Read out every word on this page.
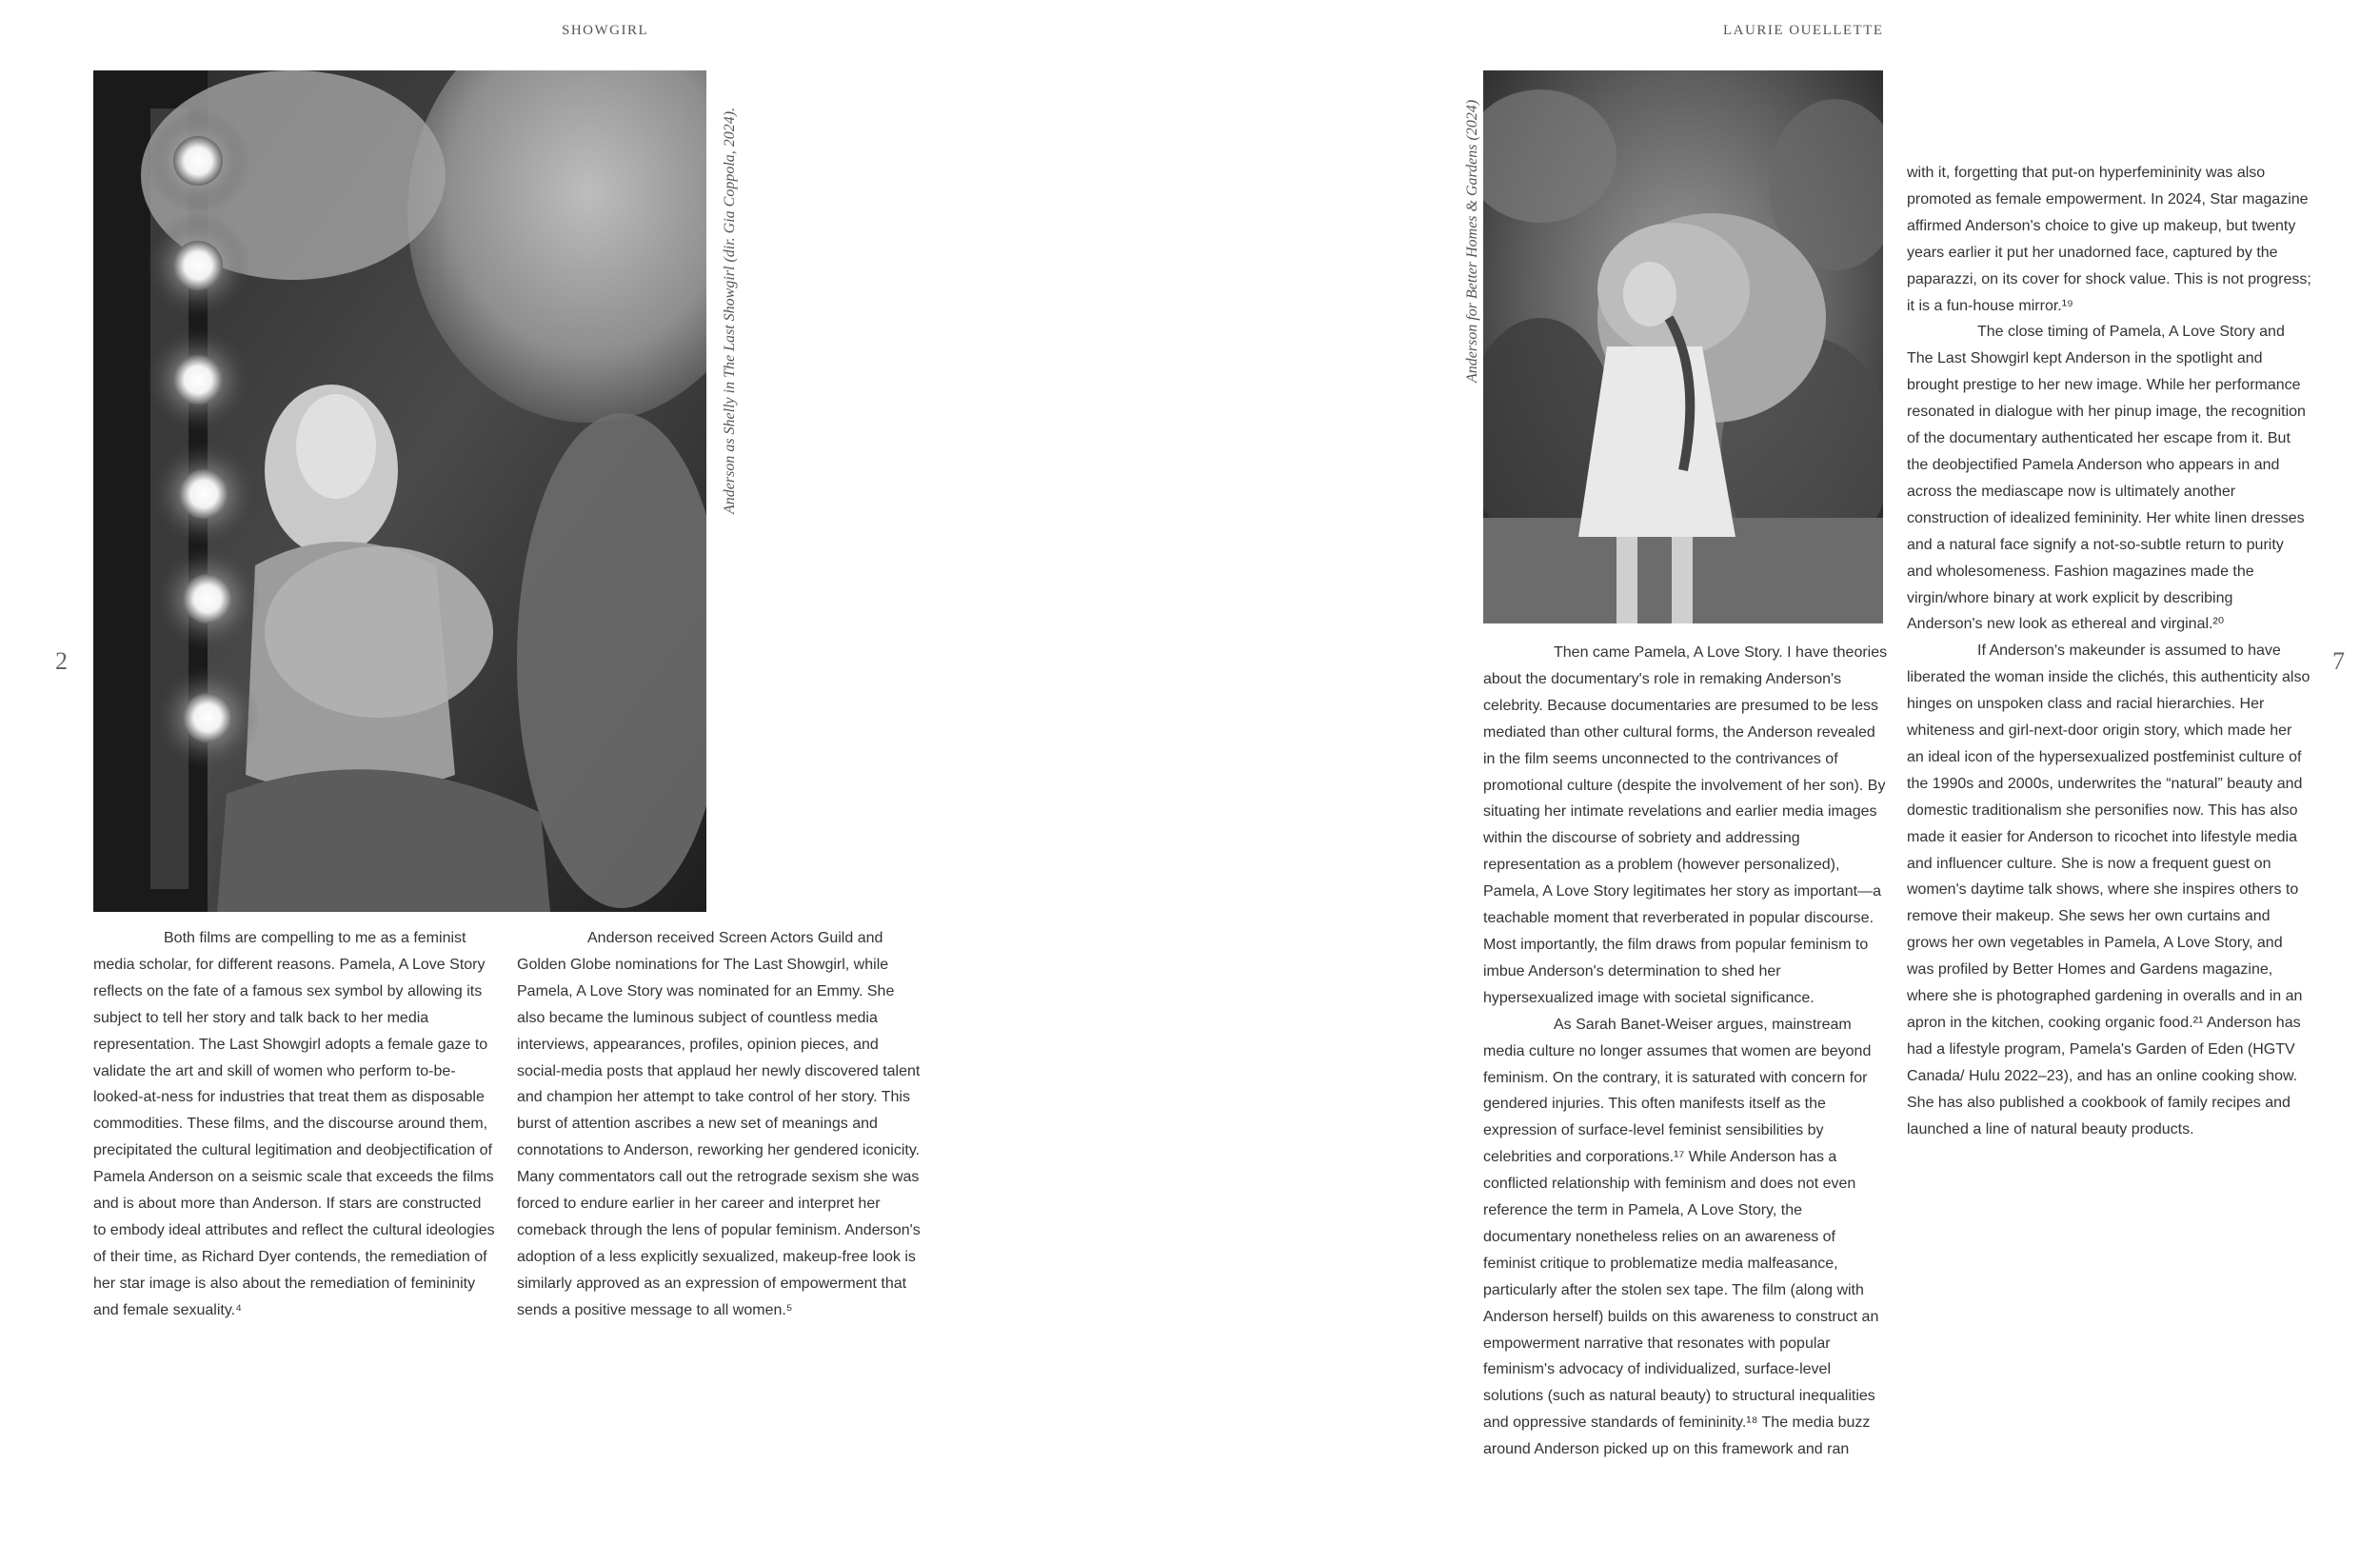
SHOWGIRL
2
Anderson as Shelly in The Last Showgirl (dir. Gia Coppola, 2024).

Both films are compelling to me as a feminist media scholar, for different reasons. Pamela, A Love Story reflects on the fate of a famous sex symbol by allowing its subject to tell her story and talk back to her media representation. The Last Showgirl adopts a female gaze to validate the art and skill of women who perform to-be-looked-at-ness for industries that treat them as disposable commodities. These films, and the discourse around them, precipitated the cultural legitimation and deobjectification of Pamela Anderson on a seismic scale that exceeds the films and is about more than Anderson. If stars are constructed to embody ideal attributes and reflect the cultural ideologies of their time, as Richard Dyer contends, the remediation of her star image is also about the remediation of femininity and female sexuality.⁴

Anderson received Screen Actors Guild and Golden Globe nominations for The Last Showgirl, while Pamela, A Love Story was nominated for an Emmy. She also became the luminous subject of countless media interviews, appearances, profiles, opinion pieces, and social-media posts that applaud her newly discovered talent and champion her attempt to take control of her story. This burst of attention ascribes a new set of meanings and connotations to Anderson, reworking her gendered iconicity. Many commentators call out the retrograde sexism she was forced to endure earlier in her career and interpret her comeback through the lens of popular feminism. Anderson's adoption of a less explicitly sexualized, makeup-free look is similarly approved as an expression of empowerment that sends a positive message to all women.⁵

LAURIE OUELLETTE
7
Anderson for Better Homes & Gardens (2024)

Then came Pamela, A Love Story. I have theories about the documentary's role in remaking Anderson's celebrity. Because documentaries are presumed to be less mediated than other cultural forms, the Anderson revealed in the film seems unconnected to the contrivances of promotional culture (despite the involvement of her son). By situating her intimate revelations and earlier media images within the discourse of sobriety and addressing representation as a problem (however personalized), Pamela, A Love Story legitimates her story as important—a teachable moment that reverberated in popular discourse. Most importantly, the film draws from popular feminism to imbue Anderson's determination to shed her hypersexualized image with societal significance.

As Sarah Banet-Weiser argues, mainstream media culture no longer assumes that women are beyond feminism. On the contrary, it is saturated with concern for gendered injuries. This often manifests itself as the expression of surface-level feminist sensibilities by celebrities and corporations.¹⁷ While Anderson has a conflicted relationship with feminism and does not even reference the term in Pamela, A Love Story, the documentary nonetheless relies on an awareness of feminist critique to problematize media malfeasance, particularly after the stolen sex tape. The film (along with Anderson herself) builds on this awareness to construct an empowerment narrative that resonates with popular feminism's advocacy of individualized, surface-level solutions (such as natural beauty) to structural inequalities and oppressive standards of femininity.¹⁸ The media buzz around Anderson picked up on this framework and ran

with it, forgetting that put-on hyperfemininity was also promoted as female empowerment. In 2024, Star magazine affirmed Anderson's choice to give up makeup, but twenty years earlier it put her unadorned face, captured by the paparazzi, on its cover for shock value. This is not progress; it is a fun-house mirror.¹⁹

The close timing of Pamela, A Love Story and The Last Showgirl kept Anderson in the spotlight and brought prestige to her new image. While her performance resonated in dialogue with her pinup image, the recognition of the documentary authenticated her escape from it. But the deobjectified Pamela Anderson who appears in and across the mediascape now is ultimately another construction of idealized femininity. Her white linen dresses and a natural face signify a not-so-subtle return to purity and wholesomeness. Fashion magazines made the virgin/whore binary at work explicit by describing Anderson's new look as ethereal and virginal.²⁰

If Anderson's makeunder is assumed to have liberated the woman inside the clichés, this authenticity also hinges on unspoken class and racial hierarchies. Her whiteness and girl-next-door origin story, which made her an ideal icon of the hypersexualized postfeminist culture of the 1990s and 2000s, underwrites the “natural” beauty and domestic traditionalism she personifies now. This has also made it easier for Anderson to ricochet into lifestyle media and influencer culture. She is now a frequent guest on women's daytime talk shows, where she inspires others to remove their makeup. She sews her own curtains and grows her own vegetables in Pamela, A Love Story, and was profiled by Better Homes and Gardens magazine, where she is photographed gardening in overalls and in an apron in the kitchen, cooking organic food.²¹ Anderson has had a lifestyle program, Pamela's Garden of Eden (HGTV Canada/ Hulu 2022–23), and has an online cooking show. She has also published a cookbook of family recipes and launched a line of natural beauty products.
